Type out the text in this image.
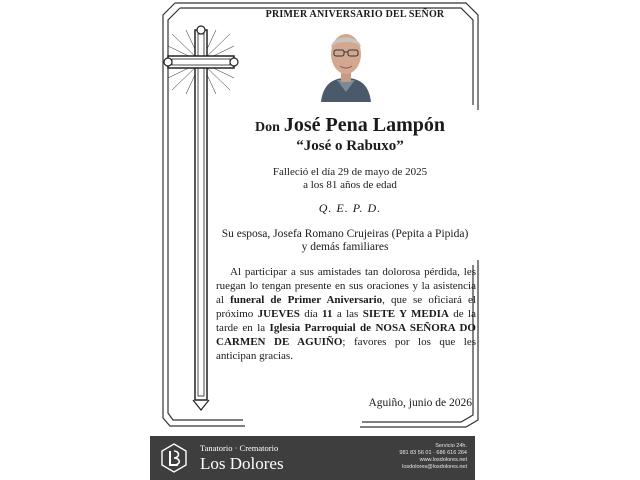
PRIMER ANIVERSARIO DEL SEÑOR
Don José Pena Lampón
“José o Rabuxo”
Falleció el día 29 de mayo de 2025
a los 81 años de edad
Q. E. P. D.
Su esposa, Josefa Romano Crujeiras (Pepita a Pipida)
y demás familiares

Al participar a sus amistades tan dolorosa pérdida, les ruegan lo tengan presente en sus oraciones y la asistencia al funeral de Primer Aniversario, que se oficiará el próximo JUEVES día 11 a las SIETE Y MEDIA de la tarde en la Iglesia Parroquial de NOSA SEÑORA DO CARMEN DE AGUIÑO; favores por los que les anticipan gracias.

Aguiño, junio de 2026
Tanatorio · Crematorio
Los Dolores
Servicio 24h.
981 83 56 01 · 686 616 264
www.losdolores.net
losdolores@losdolores.net
